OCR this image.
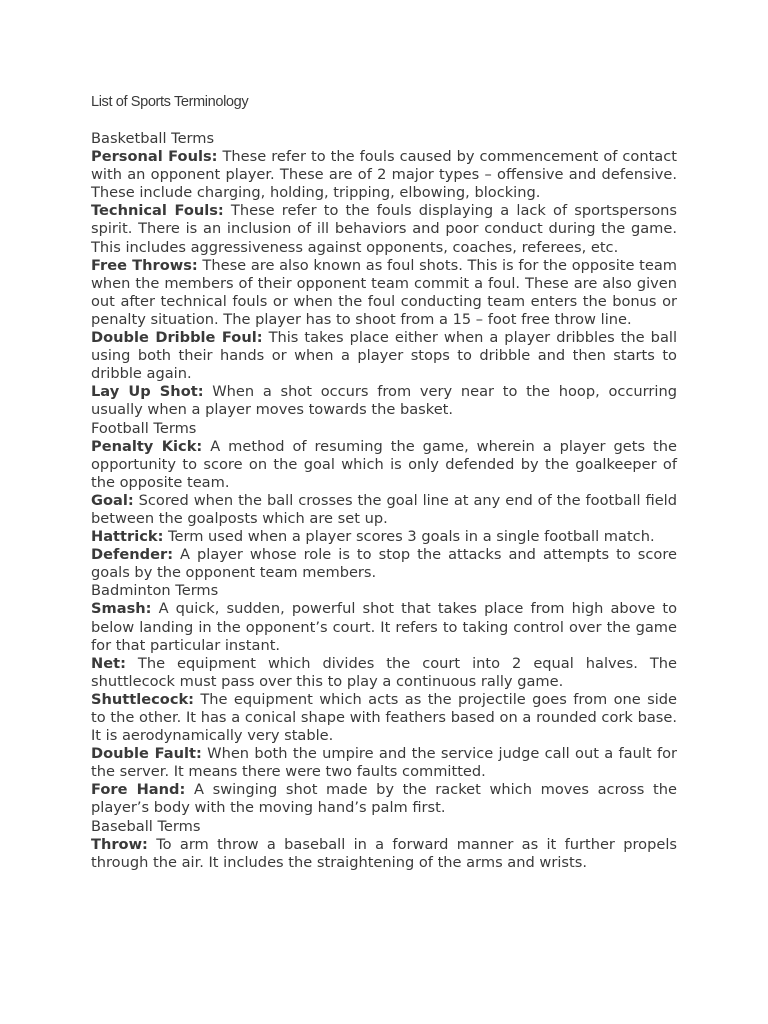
List of Sports Terminology
Basketball Terms

Personal Fouls: These refer to the fouls caused by commencement of contact with an opponent player. These are of 2 major types – offensive and defensive. These include charging, holding, tripping, elbowing, blocking.

Technical Fouls: These refer to the fouls displaying a lack of sportspersons spirit. There is an inclusion of ill behaviors and poor conduct during the game. This includes aggressiveness against opponents, coaches, referees, etc.

Free Throws: These are also known as foul shots. This is for the opposite team when the members of their opponent team commit a foul. These are also given out after technical fouls or when the foul conducting team enters the bonus or penalty situation. The player has to shoot from a 15 – foot free throw line.

Double Dribble Foul: This takes place either when a player dribbles the ball using both their hands or when a player stops to dribble and then starts to dribble again.

Lay Up Shot: When a shot occurs from very near to the hoop, occurring usually when a player moves towards the basket.

Football Terms

Penalty Kick: A method of resuming the game, wherein a player gets the opportunity to score on the goal which is only defended by the goalkeeper of the opposite team.

Goal: Scored when the ball crosses the goal line at any end of the football field between the goalposts which are set up.

Hattrick: Term used when a player scores 3 goals in a single football match.

Defender: A player whose role is to stop the attacks and attempts to score goals by the opponent team members.

Badminton Terms

Smash: A quick, sudden, powerful shot that takes place from high above to below landing in the opponent’s court. It refers to taking control over the game for that particular instant.

Net: The equipment which divides the court into 2 equal halves. The shuttlecock must pass over this to play a continuous rally game.

Shuttlecock: The equipment which acts as the projectile goes from one side to the other. It has a conical shape with feathers based on a rounded cork base. It is aerodynamically very stable.

Double Fault: When both the umpire and the service judge call out a fault for the server. It means there were two faults committed.

Fore Hand: A swinging shot made by the racket which moves across the player’s body with the moving hand’s palm first.

Baseball Terms

Throw: To arm throw a baseball in a forward manner as it further propels through the air. It includes the straightening of the arms and wrists.
